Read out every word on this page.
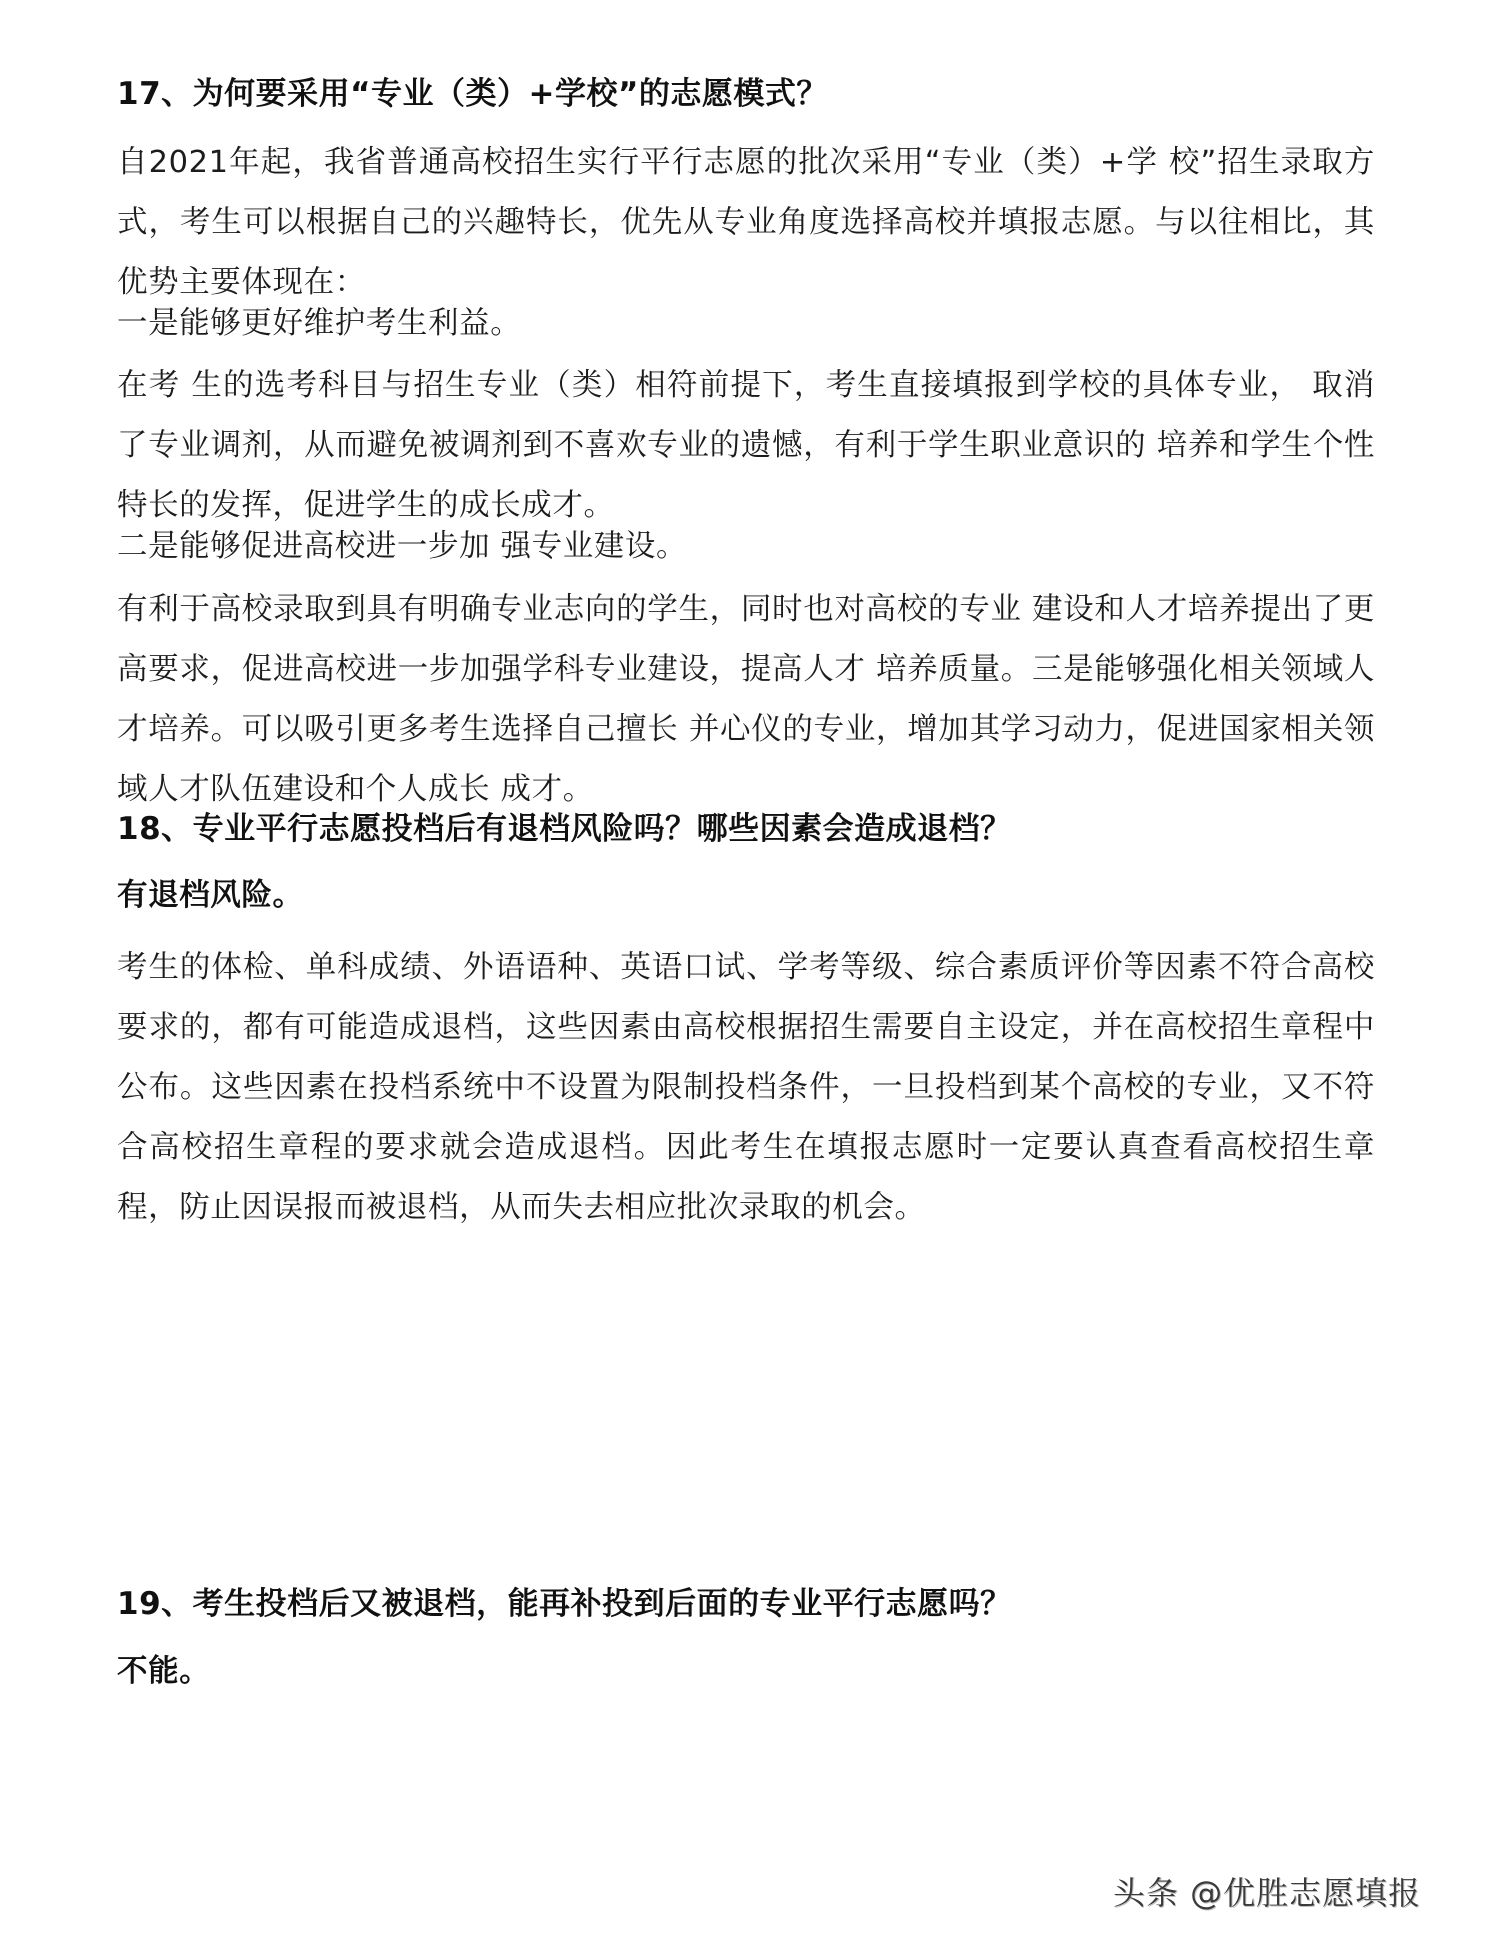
17、为何要采用“专业（类）+学校”的志愿模式？
自2021年起，我省普通高校招生实行平行志愿的批次采用“专业（类）+学 校”招生录取方式，考生可以根据自己的兴趣特长，优先从专业角度选择高校并填报志愿。与以往相比，其优势主要体现在：
一是能够更好维护考生利益。
在考 生的选考科目与招生专业（类）相符前提下，考生直接填报到学校的具体专业， 取消了专业调剂，从而避免被调剂到不喜欢专业的遗憾，有利于学生职业意识的 培养和学生个性特长的发挥，促进学生的成长成才。
二是能够促进高校进一步加 强专业建设。
有利于高校录取到具有明确专业志向的学生，同时也对高校的专业 建设和人才培养提出了更高要求，促进高校进一步加强学科专业建设，提高人才 培养质量。三是能够强化相关领域人才培养。可以吸引更多考生选择自己擅长 并心仪的专业，增加其学习动力，促进国家相关领域人才队伍建设和个人成长 成才。
18、专业平行志愿投档后有退档风险吗？哪些因素会造成退档？
有退档风险。
考生的体检、单科成绩、外语语种、英语口试、学考等级、综合素质评价等因素不符合高校要求的，都有可能造成退档，这些因素由高校根据招生需要自主设定，并在高校招生章程中公布。这些因素在投档系统中不设置为限制投档条件，一旦投档到某个高校的专业，又不符合高校招生章程的要求就会造成退档。因此考生在填报志愿时一定要认真查看高校招生章程，防止因误报而被退档，从而失去相应批次录取的机会。
19、考生投档后又被退档，能再补投到后面的专业平行志愿吗？
不能。
头条 @优胜志愿填报
